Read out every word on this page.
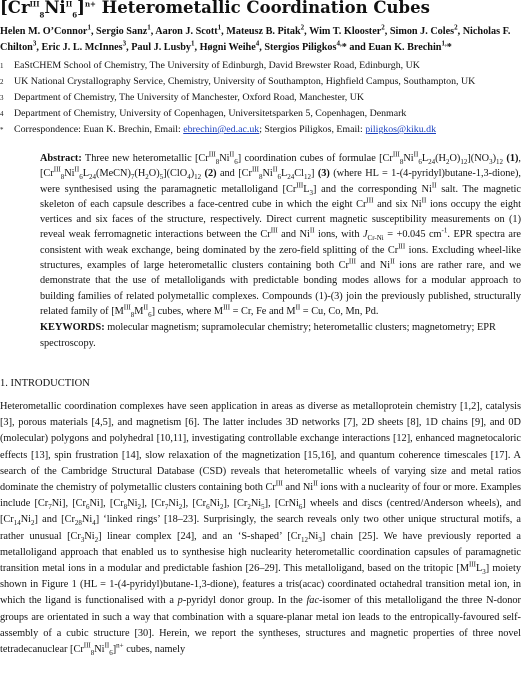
$[Cr^{III}_8Ni^{II}_6]^{n+}$ Heterometallic Coordination Cubes
Helen M. O’Connor$^1$, Sergio Sanz$^1$, Aaron J. Scott$^1$, Mateusz B. Pitak$^2$, Wim T. Klooster$^2$, Simon J. Coles$^2$, Nicholas F. Chilton$^3$, Eric J. L. McInnes$^3$, Paul J. Lusby$^1$, Høgni Weihe$^4$, Stergios Piligkos$^{4,}$* and Euan K. Brechin$^{1,}$*
1 EaStCHEM School of Chemistry, The University of Edinburgh, David Brewster Road, Edinburgh, UK
2 UK National Crystallography Service, Chemistry, University of Southampton, Highfield Campus, Southampton, UK
3 Department of Chemistry, The University of Manchester, Oxford Road, Manchester, UK
4 Department of Chemistry, University of Copenhagen, Universitetsparken 5, Copenhagen, Denmark
* Correspondence: Euan K. Brechin, Email: ebrechin@ed.ac.uk; Stergios Piligkos, Email: piligkos@kiku.dk
Abstract: Three new heterometallic $[Cr^{III}_8Ni^{II}_6]$ coordination cubes of formulae $[Cr^{III}_8Ni^{II}_6L_{24}(H_2O)_{12}](NO_3)_{12}$ (1), $[Cr^{III}_8Ni^{II}_6L_{24}(MeCN)_7(H_2O)_5](ClO_4)_{12}$ (2) and $[Cr^{III}_8Ni^{II}_6L_{24}Cl_{12}]$ (3) (where HL = 1-(4-pyridyl)butane-1,3-dione), were synthesised using the paramagnetic metalloligand $[Cr^{III}L_3]$ and the corresponding $Ni^{II}$ salt. The magnetic skeleton of each capsule describes a face-centred cube in which the eight $Cr^{III}$ and six $Ni^{II}$ ions occupy the eight vertices and six faces of the structure, respectively. Direct current magnetic susceptibility measurements on (1) reveal weak ferromagnetic interactions between the $Cr^{III}$ and $Ni^{II}$ ions, with $J_{Cr-Ni} = +0.045$ $cm^{-1}$. EPR spectra are consistent with weak exchange, being dominated by the zero-field splitting of the $Cr^{III}$ ions. Excluding wheel-like structures, examples of large heterometallic clusters containing both $Cr^{III}$ and $Ni^{II}$ ions are rather rare, and we demonstrate that the use of metalloligands with predictable bonding modes allows for a modular approach to building families of related polymetallic complexes. Compounds (1)-(3) join the previously published, structurally related family of $[M^{III}_8M^{II}_6]$ cubes, where $M^{III} = Cr$, Fe and $M^{II} = Cu$, Co, Mn, Pd.
KEYWORDS: molecular magnetism; supramolecular chemistry; heterometallic clusters; magnetometry; EPR spectroscopy.
1. INTRODUCTION
Heterometallic coordination complexes have seen application in areas as diverse as metalloprotein chemistry [1,2], catalysis [3], porous materials [4,5], and magnetism [6]. The latter includes 3D networks [7], 2D sheets [8], 1D chains [9], and 0D (molecular) polygons and polyhedral [10,11], investigating controllable exchange interactions [12], enhanced magnetocaloric effects [13], spin frustration [14], slow relaxation of the magnetization [15,16], and quantum coherence timescales [17]. A search of the Cambridge Structural Database (CSD) reveals that heterometallic wheels of varying size and metal ratios dominate the chemistry of polymetallic clusters containing both $Cr^{III}$ and $Ni^{II}$ ions with a nuclearity of four or more. Examples include $[Cr_7Ni]$, $[Cr_6Ni]$, $[Cr_8Ni_2]$, $[Cr_7Ni_2]$, $[Cr_6Ni_2]$, $[Cr_2Ni_5]$, [CrNi$_6$] wheels and discs (centred/Anderson wheels), and $[Cr_{14}Ni_2]$ and $[Cr_{28}Ni_4]$ ‘linked rings’ [18–23]. Surprisingly, the search reveals only two other unique structural motifs, a rather unusual $[Cr_3Ni_2]$ linear complex [24], and an ‘S-shaped’ $[Cr_{12}Ni_3]$ chain [25]. We have previously reported a metalloligand approach that enabled us to synthesise high nuclearity heterometallic coordination capsules of paramagnetic transition metal ions in a modular and predictable fashion [26–29]. This metalloligand, based on the tritopic $[M^{III}L_3]$ moiety shown in Figure 1 (HL = 1-(4-pyridyl)butane-1,3-dione), features a tris(acac) coordinated octahedral transition metal ion, in which the ligand is functionalised with a p-pyridyl donor group. In the fac-isomer of this metalloligand the three N-donor groups are orientated in such a way that combination with a square-planar metal ion leads to the entropically-favoured self-assembly of a cubic structure [30]. Herein, we report the syntheses, structures and magnetic properties of three novel tetradecanuclear $[Cr^{III}_8Ni^{II}_6]^{n+}$ cubes, namely
